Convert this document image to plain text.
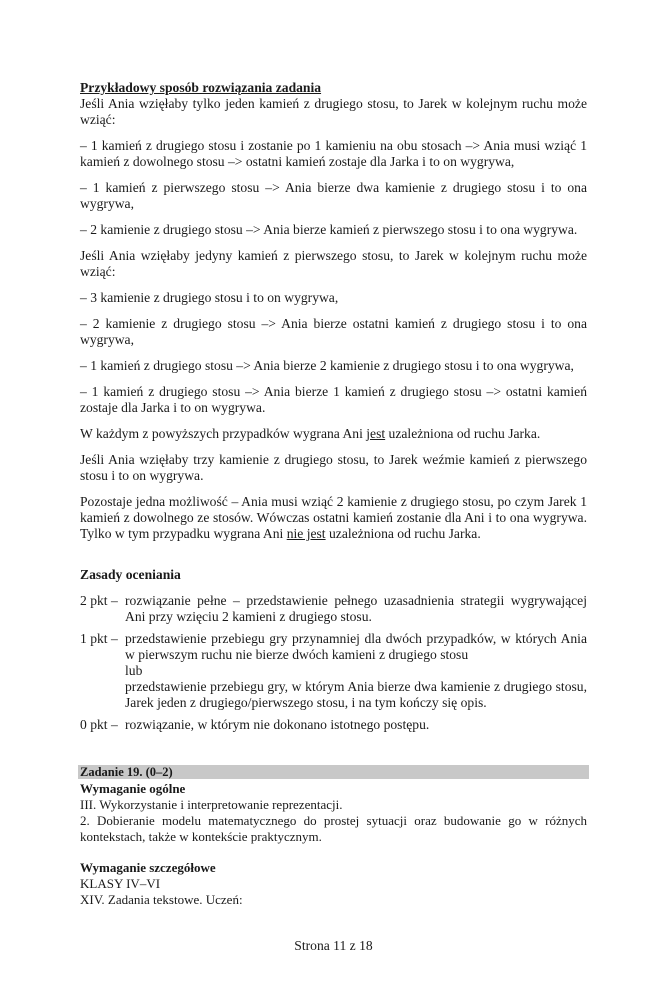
Przykładowy sposób rozwiązania zadania
Jeśli Ania wzięłaby tylko jeden kamień z drugiego stosu, to Jarek w kolejnym ruchu może wziąć:
– 1 kamień z drugiego stosu i zostanie po 1 kamieniu na obu stosach –> Ania musi wziąć 1 kamień z dowolnego stosu –> ostatni kamień zostaje dla Jarka i to on wygrywa,
– 1 kamień z pierwszego stosu –> Ania bierze dwa kamienie z drugiego stosu i to ona wygrywa,
– 2 kamienie z drugiego stosu –> Ania bierze kamień z pierwszego stosu i to ona wygrywa.
Jeśli Ania wzięłaby jedyny kamień z pierwszego stosu, to Jarek w kolejnym ruchu może wziąć:
– 3 kamienie z drugiego stosu i to on wygrywa,
– 2 kamienie z drugiego stosu –> Ania bierze ostatni kamień z drugiego stosu i to ona wygrywa,
– 1 kamień z drugiego stosu –> Ania bierze 2 kamienie z drugiego stosu i to ona wygrywa,
– 1 kamień z drugiego stosu –> Ania bierze 1 kamień z drugiego stosu –> ostatni kamień zostaje dla Jarka i to on wygrywa.
W każdym z powyższych przypadków wygrana Ani jest uzależniona od ruchu Jarka.
Jeśli Ania wzięłaby trzy kamienie z drugiego stosu, to Jarek weźmie kamień z pierwszego stosu i to on wygrywa.
Pozostaje jedna możliwość – Ania musi wziąć 2 kamienie z drugiego stosu, po czym Jarek 1 kamień z dowolnego ze stosów. Wówczas ostatni kamień zostanie dla Ani i to ona wygrywa. Tylko w tym przypadku wygrana Ani nie jest uzależniona od ruchu Jarka.
Zasady oceniania
2 pkt – rozwiązanie pełne – przedstawienie pełnego uzasadnienia strategii wygrywającej Ani przy wzięciu 2 kamieni z drugiego stosu.
1 pkt – przedstawienie przebiegu gry przynamniej dla dwóch przypadków, w których Ania w pierwszym ruchu nie bierze dwóch kamieni z drugiego stosu
lub
przedstawienie przebiegu gry, w którym Ania bierze dwa kamienie z drugiego stosu, Jarek jeden z drugiego/pierwszego stosu, i na tym kończy się opis.
0 pkt – rozwiązanie, w którym nie dokonano istotnego postępu.
Zadanie 19. (0–2)
Wymaganie ogólne
III. Wykorzystanie i interpretowanie reprezentacji.
2. Dobieranie modelu matematycznego do prostej sytuacji oraz budowanie go w różnych kontekstach, także w kontekście praktycznym.
Wymaganie szczegółowe
KLASY IV–VI
XIV. Zadania tekstowe. Uczeń:
Strona 11 z 18
